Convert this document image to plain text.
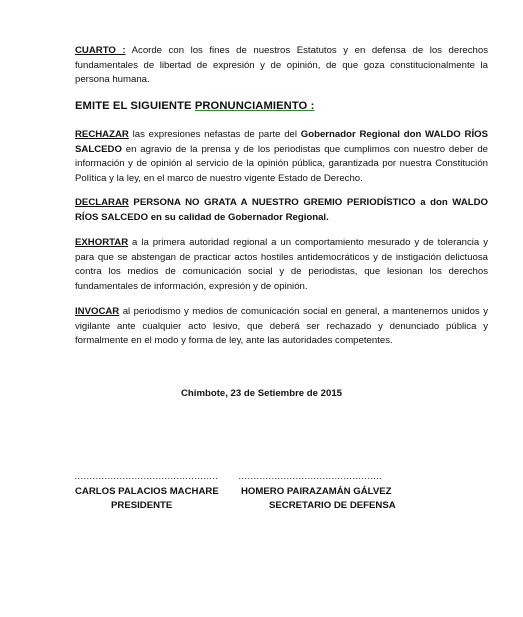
CUARTO : Acorde con los fines de nuestros Estatutos y en defensa de los derechos fundamentales de libertad de expresión y de opinión, de que goza constitucionalmente la persona humana.

EMITE EL SIGUIENTE PRONUNCIAMIENTO :

RECHAZAR las expresiones nefastas de parte del Gobernador Regional don WALDO RÍOS SALCEDO en agravio de la prensa y de los periodistas que cumplimos con nuestro deber de información y de opinión al servicio de la opinión pública, garantizada por nuestra Constitución Política y la ley, en el marco de nuestro vigente Estado de Derecho.

DECLARAR PERSONA NO GRATA A NUESTRO GREMIO PERIODÍSTICO a don WALDO RÍOS SALCEDO en su calidad de Gobernador Regional.

EXHORTAR a la primera autoridad regional a un comportamiento mesurado y de tolerancia y para que se abstengan de practicar actos hostiles antidemocráticos y de instigación delictuosa contra los medios de comunicación social y de periodistas, que lesionan los derechos fundamentales de información, expresión y de opinión.

INVOCAR al periodismo y medios de comunicación social en general, a mantenernos unidos y vigilante ante cualquier acto lesivo, que deberá ser rechazado y denunciado pública y formalmente en el modo y forma de ley, ante las autoridades competentes.

Chimbote, 23 de Setiembre de 2015
………………………………………… …………………………………………
CARLOS PALACIOS MACHARE
PRESIDENTE
HOMERO PAIRAZAMÁN GÁLVEZ
SECRETARIO DE DEFENSA
